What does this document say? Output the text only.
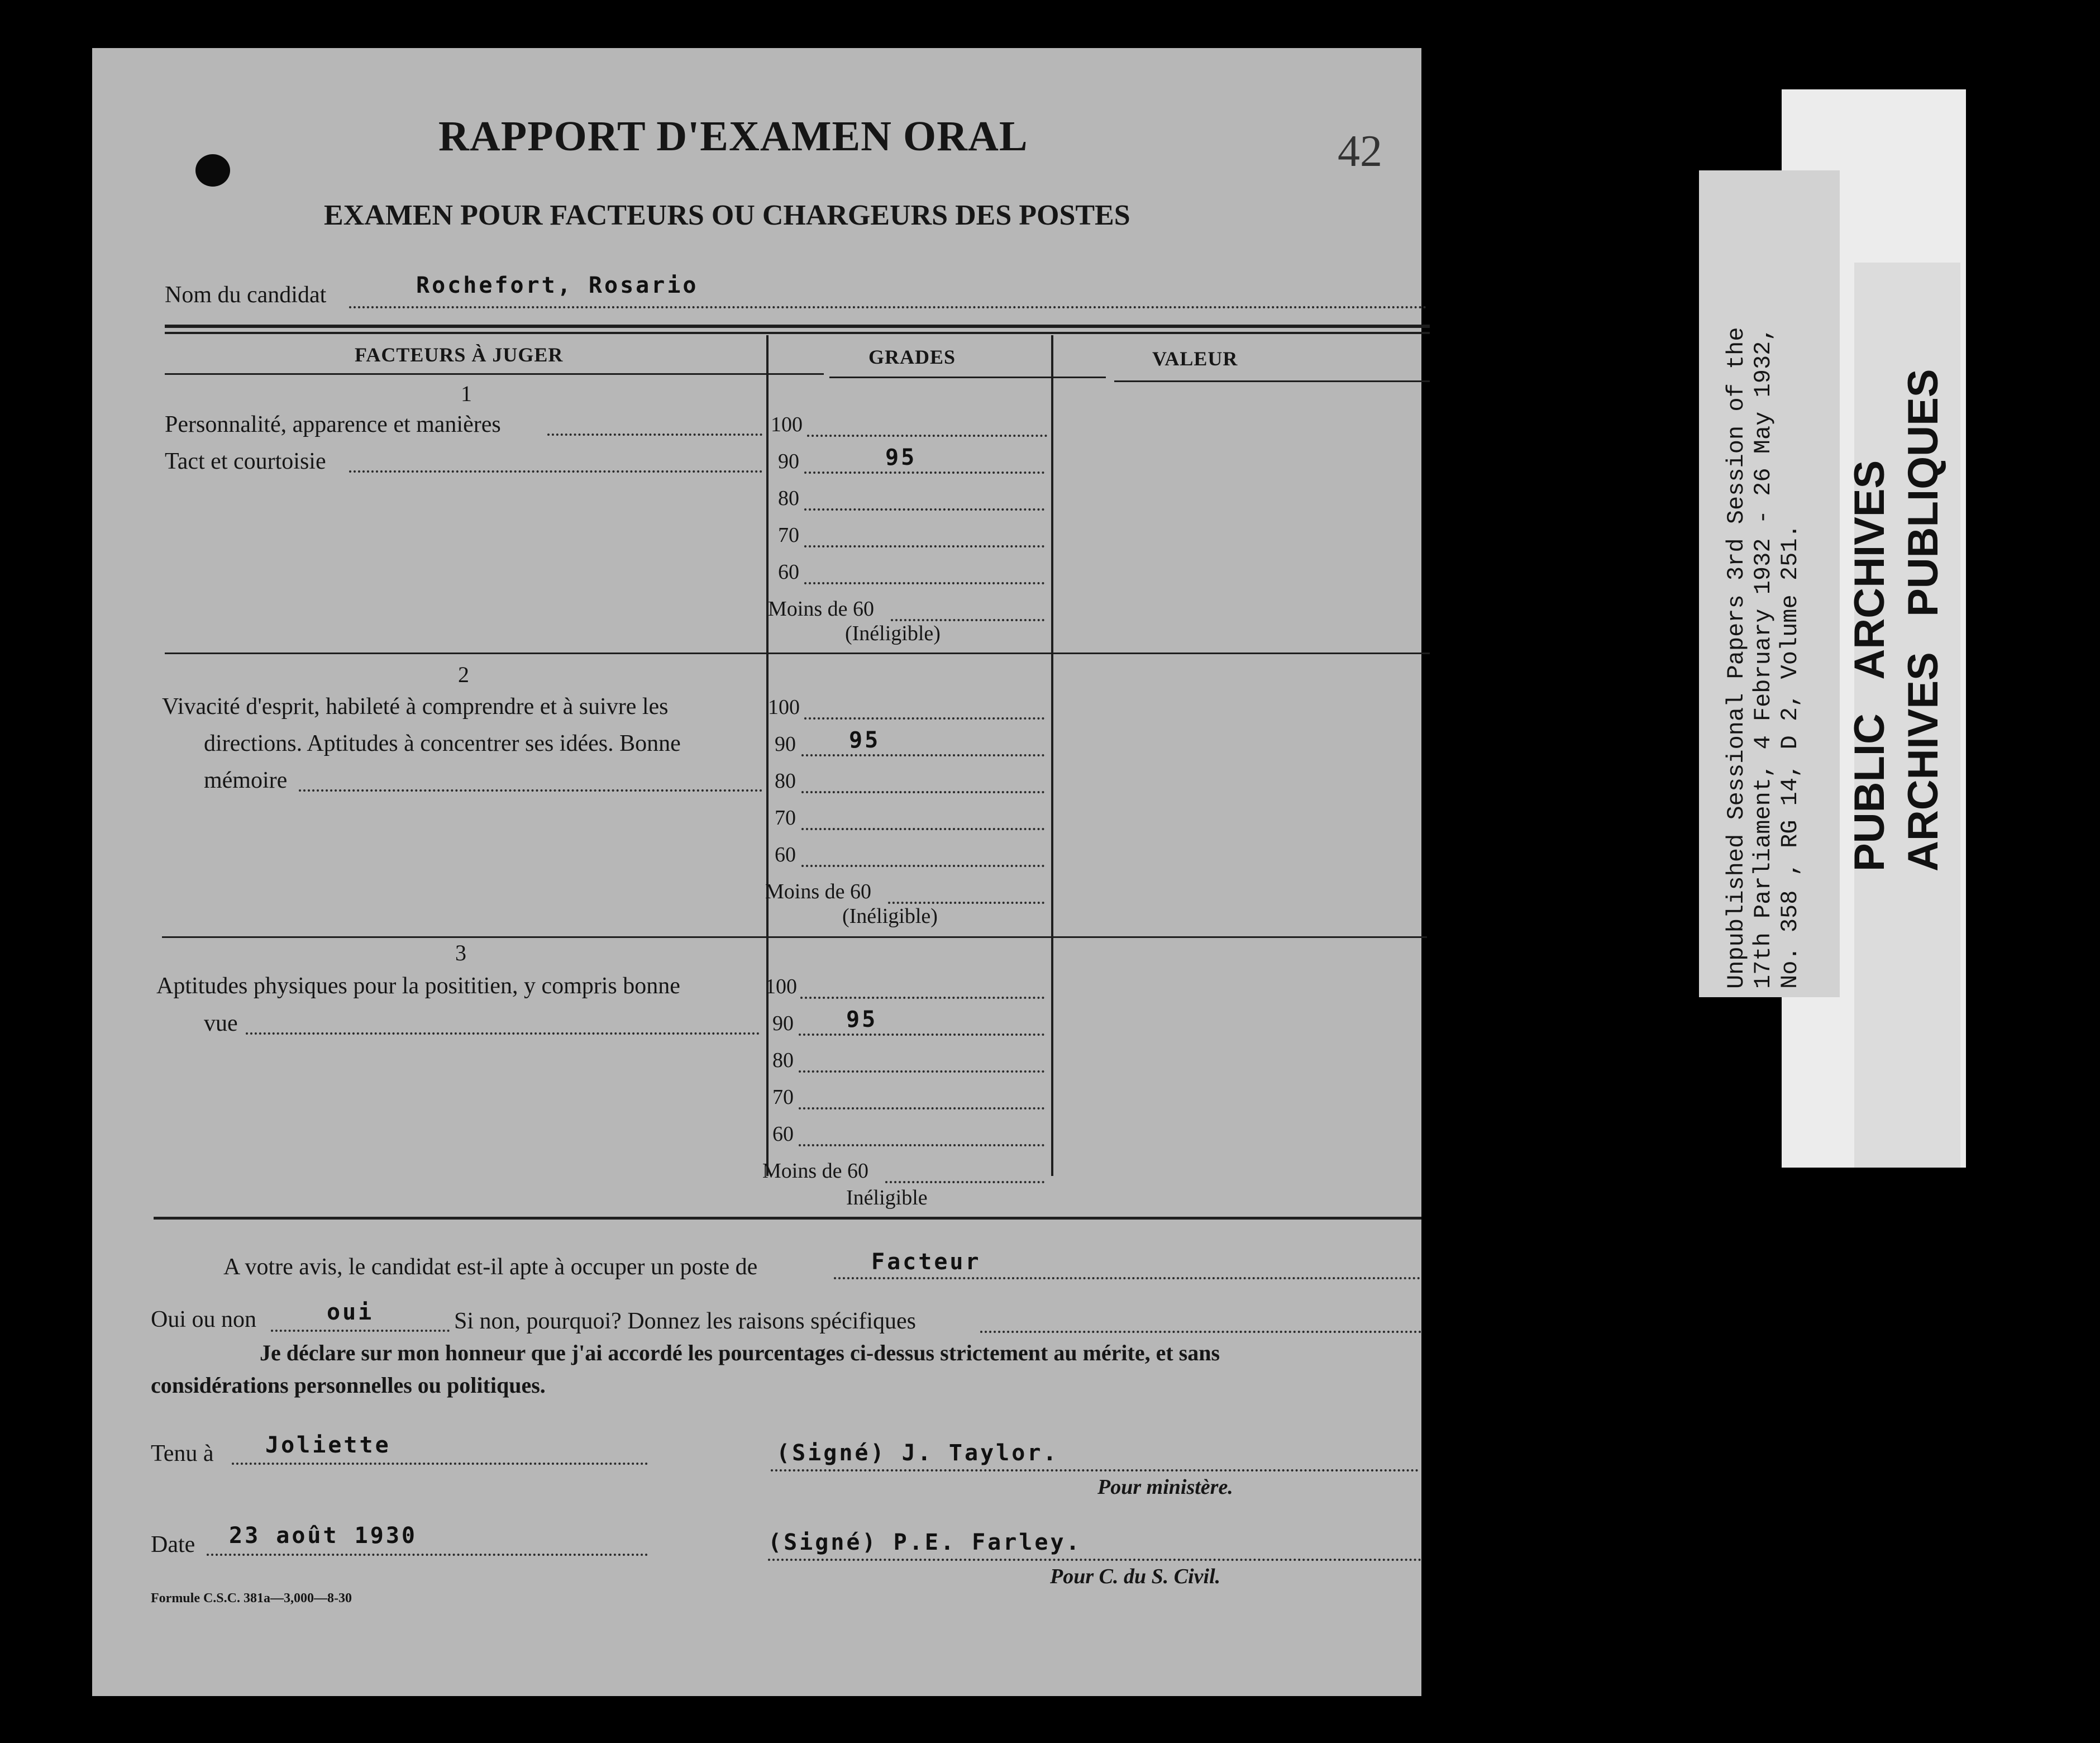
42
RAPPORT D'EXAMEN ORAL
EXAMEN POUR FACTEURS OU CHARGEURS DES POSTES
Nom du candidat	Rochefort, Rosario
FACTEURS À JUGER	GRADES	VALEUR
1
Personnalité, apparence et manières
Tact et courtoisie
100
90	95
80
70
60
Moins de 60
(Inéligible)
2
Vivacité d'esprit, habileté à comprendre et à suivre les
directions. Aptitudes à concentrer ses idées. Bonne
mémoire
100
90 95
80
70
60
Moins de 60
(Inéligible)
3
Aptitudes physiques pour la posititien, y compris bonne
vue
100
90 95
80
70
60
Moins de 60
Inéligible
A votre avis, le candidat est-il apte à occuper un poste de	Facteur
Oui ou non	oui	Si non, pourquoi? Donnez les raisons spécifiques
Je déclare sur mon honneur que j'ai accordé les pourcentages ci-dessus strictement au mérite, et sans
considérations personnelles ou politiques.
Tenu à Joliette	(Signé) J. Taylor.
Pour ministère.
Date 23 août 1930	(Signé) P.E. Farley.
Pour C. du S. Civil.
Formule C.S.C. 381a—3,000—8-30
Unpublished Sessional Papers 3rd Session of the 17th Parliament, 4 February 1932 - 26 May 1932, No. 358 , RG 14, D 2, Volume 251. PUBLIC   ARCHIVES ARCHIVES   PUBLIQUES
